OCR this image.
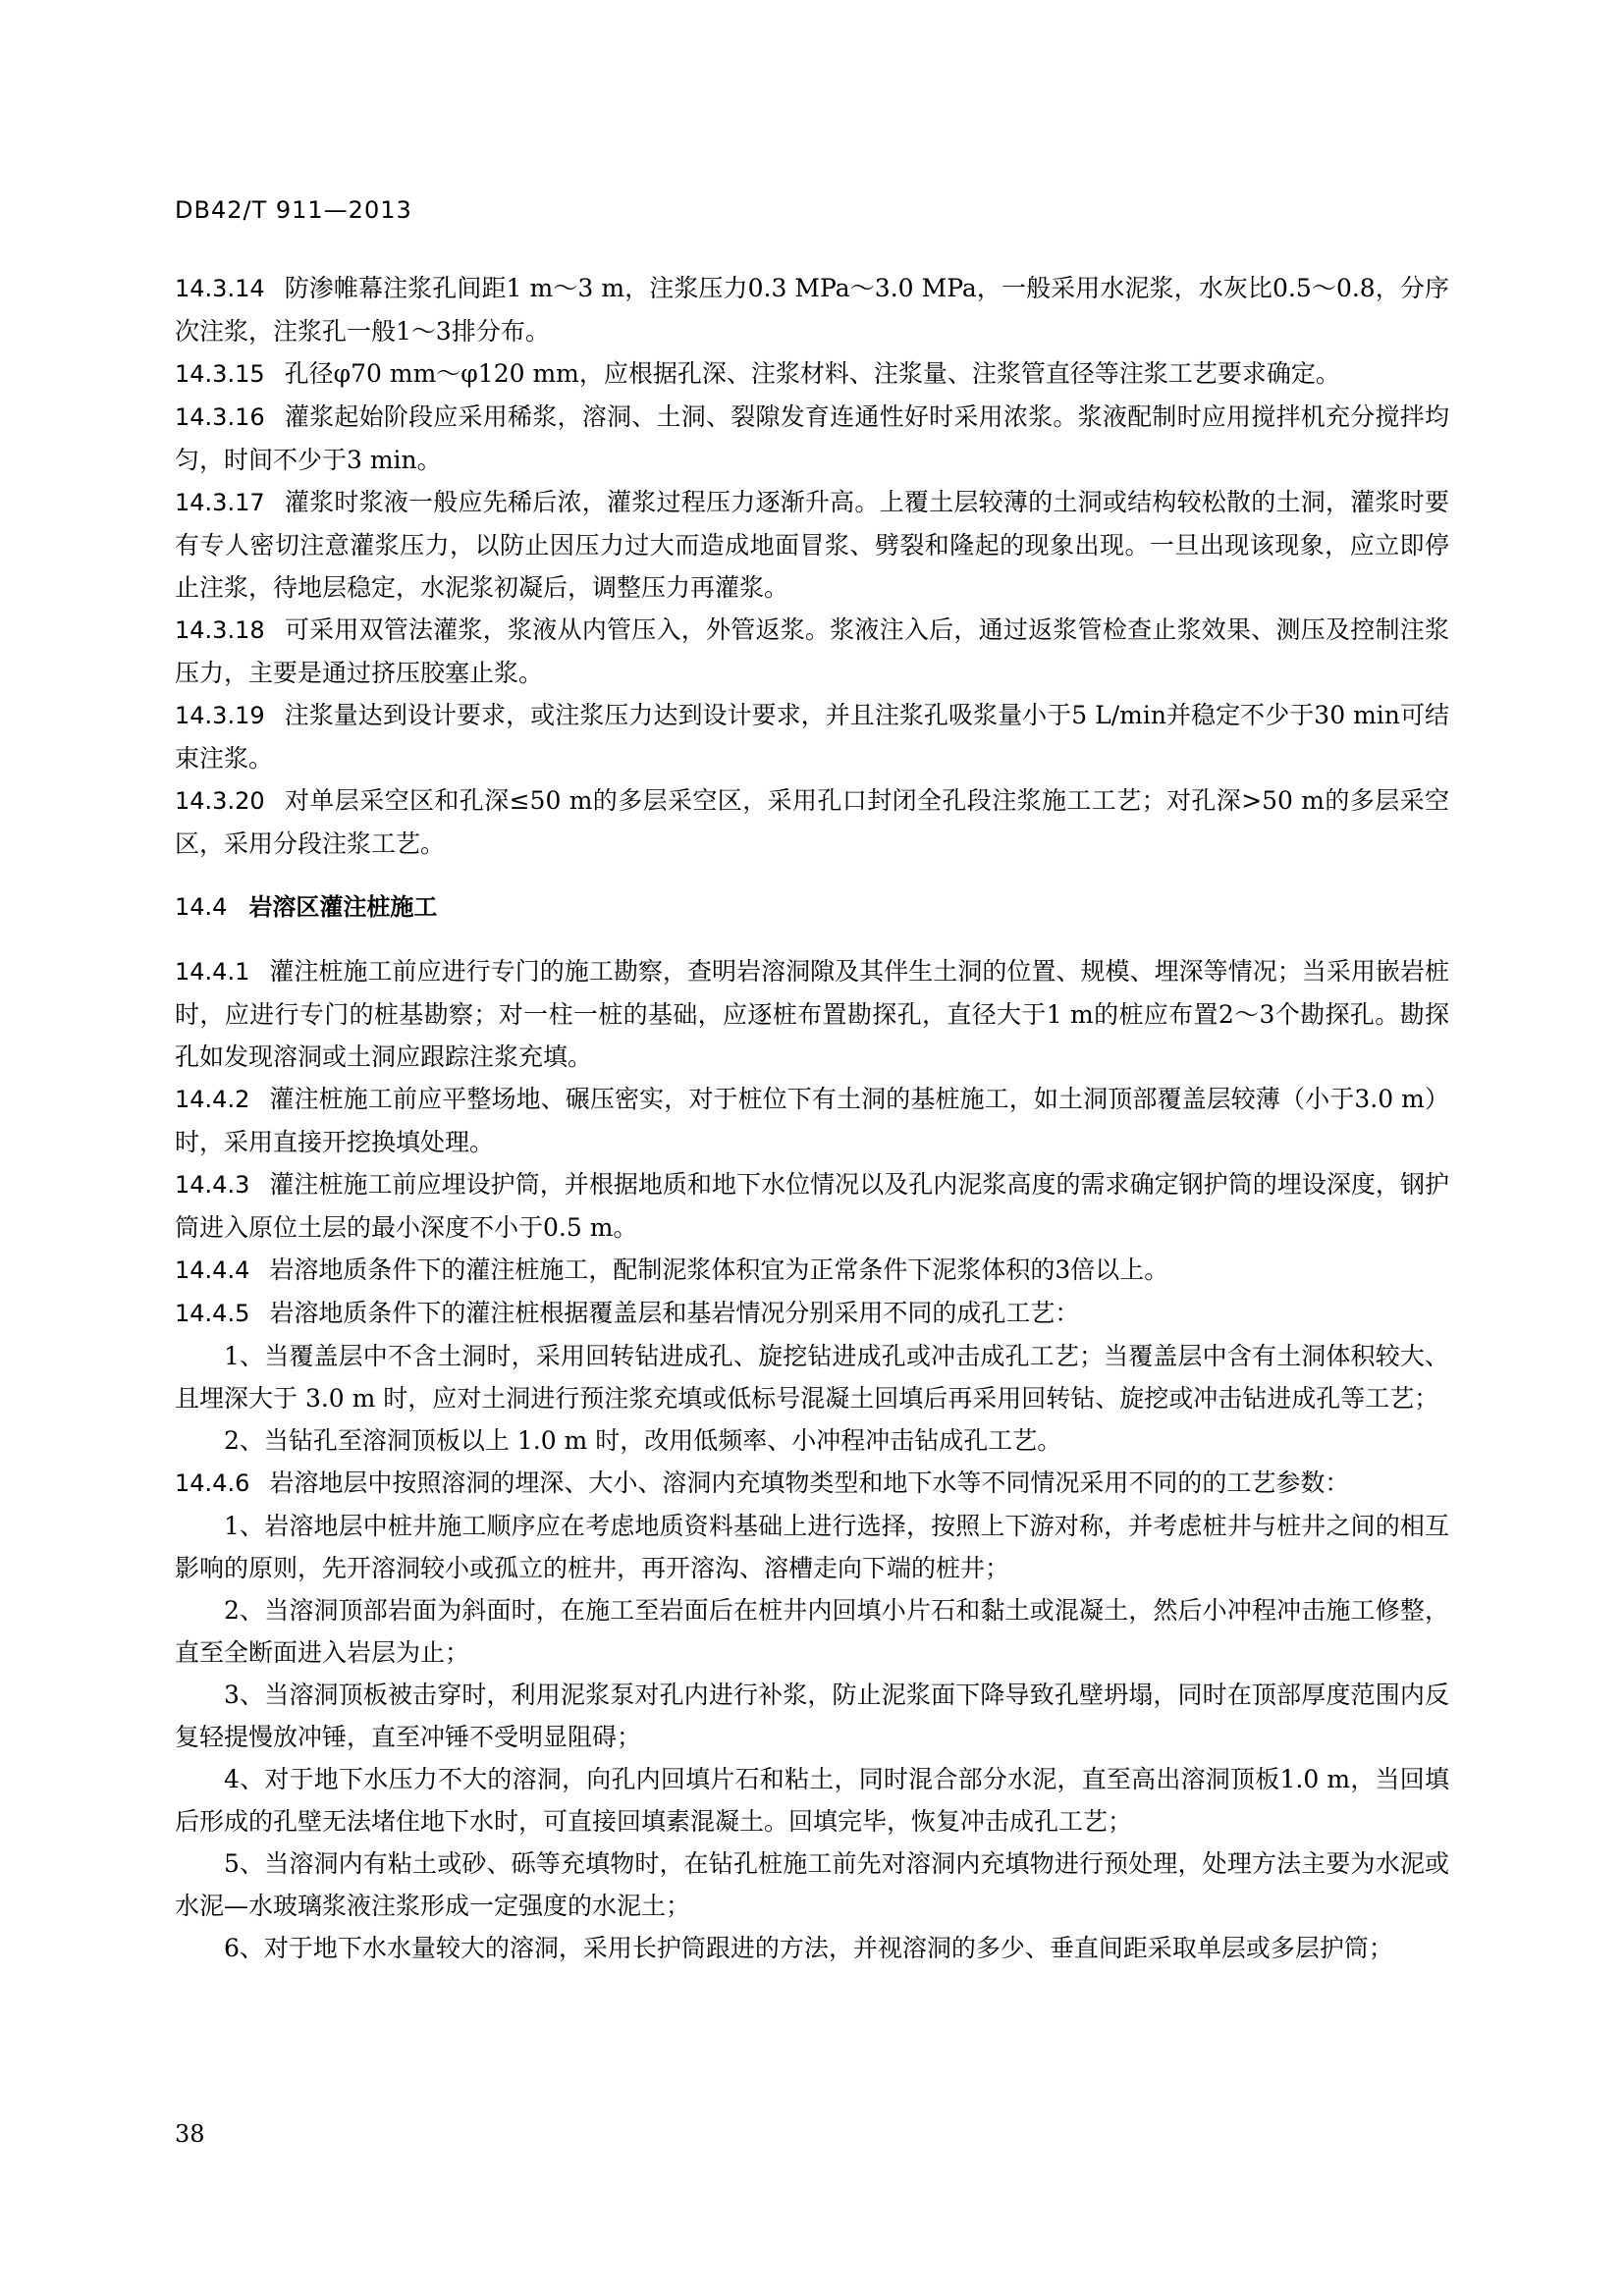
DB42/T 911—2013

14.3.14 防渗帷幕注浆孔间距1 m～3 m，注浆压力0.3 MPa～3.0 MPa，一般采用水泥浆，水灰比0.5～0.8，分序次注浆，注浆孔一般1～3排分布。

14.3.15 孔径φ70 mm～φ120 mm，应根据孔深、注浆材料、注浆量、注浆管直径等注浆工艺要求确定。

14.3.16 灌浆起始阶段应采用稀浆，溶洞、土洞、裂隙发育连通性好时采用浓浆。浆液配制时应用搅拌机充分搅拌均匀，时间不少于3 min。

14.3.17 灌浆时浆液一般应先稀后浓，灌浆过程压力逐渐升高。上覆土层较薄的土洞或结构较松散的土洞，灌浆时要有专人密切注意灌浆压力，以防止因压力过大而造成地面冒浆、劈裂和隆起的现象出现。一旦出现该现象，应立即停止注浆，待地层稳定，水泥浆初凝后，调整压力再灌浆。

14.3.18 可采用双管法灌浆，浆液从内管压入，外管返浆。浆液注入后，通过返浆管检查止浆效果、测压及控制注浆压力，主要是通过挤压胶塞止浆。

14.3.19 注浆量达到设计要求，或注浆压力达到设计要求，并且注浆孔吸浆量小于5 L/min并稳定不少于30 min可结束注浆。

14.3.20 对单层采空区和孔深≤50 m的多层采空区，采用孔口封闭全孔段注浆施工工艺；对孔深>50 m的多层采空区，采用分段注浆工艺。

14.4 岩溶区灌注桩施工

14.4.1 灌注桩施工前应进行专门的施工勘察，查明岩溶洞隙及其伴生土洞的位置、规模、埋深等情况；当采用嵌岩桩时，应进行专门的桩基勘察；对一柱一桩的基础，应逐桩布置勘探孔，直径大于1 m的桩应布置2～3个勘探孔。勘探孔如发现溶洞或土洞应跟踪注浆充填。

14.4.2 灌注桩施工前应平整场地、碾压密实，对于桩位下有土洞的基桩施工，如土洞顶部覆盖层较薄（小于3.0 m）时，采用直接开挖换填处理。

14.4.3 灌注桩施工前应埋设护筒，并根据地质和地下水位情况以及孔内泥浆高度的需求确定钢护筒的埋设深度，钢护筒进入原位土层的最小深度不小于0.5 m。

14.4.4 岩溶地质条件下的灌注桩施工，配制泥浆体积宜为正常条件下泥浆体积的3倍以上。

14.4.5 岩溶地质条件下的灌注桩根据覆盖层和基岩情况分别采用不同的成孔工艺：

1、当覆盖层中不含土洞时，采用回转钻进成孔、旋挖钻进成孔或冲击成孔工艺；当覆盖层中含有土洞体积较大、且埋深大于 3.0 m 时，应对土洞进行预注浆充填或低标号混凝土回填后再采用回转钻、旋挖或冲击钻进成孔等工艺；

2、当钻孔至溶洞顶板以上 1.0 m 时，改用低频率、小冲程冲击钻成孔工艺。

14.4.6 岩溶地层中按照溶洞的埋深、大小、溶洞内充填物类型和地下水等不同情况采用不同的的工艺参数：

1、岩溶地层中桩井施工顺序应在考虑地质资料基础上进行选择，按照上下游对称，并考虑桩井与桩井之间的相互影响的原则，先开溶洞较小或孤立的桩井，再开溶沟、溶槽走向下端的桩井；

2、当溶洞顶部岩面为斜面时，在施工至岩面后在桩井内回填小片石和黏土或混凝土，然后小冲程冲击施工修整，直至全断面进入岩层为止；

3、当溶洞顶板被击穿时，利用泥浆泵对孔内进行补浆，防止泥浆面下降导致孔壁坍塌，同时在顶部厚度范围内反复轻提慢放冲锤，直至冲锤不受明显阻碍；

4、对于地下水压力不大的溶洞，向孔内回填片石和粘土，同时混合部分水泥，直至高出溶洞顶板1.0 m，当回填后形成的孔壁无法堵住地下水时，可直接回填素混凝土。回填完毕，恢复冲击成孔工艺；

5、当溶洞内有粘土或砂、砾等充填物时，在钻孔桩施工前先对溶洞内充填物进行预处理，处理方法主要为水泥或水泥—水玻璃浆液注浆形成一定强度的水泥土；

6、对于地下水水量较大的溶洞，采用长护筒跟进的方法，并视溶洞的多少、垂直间距采取单层或多层护筒；

38
